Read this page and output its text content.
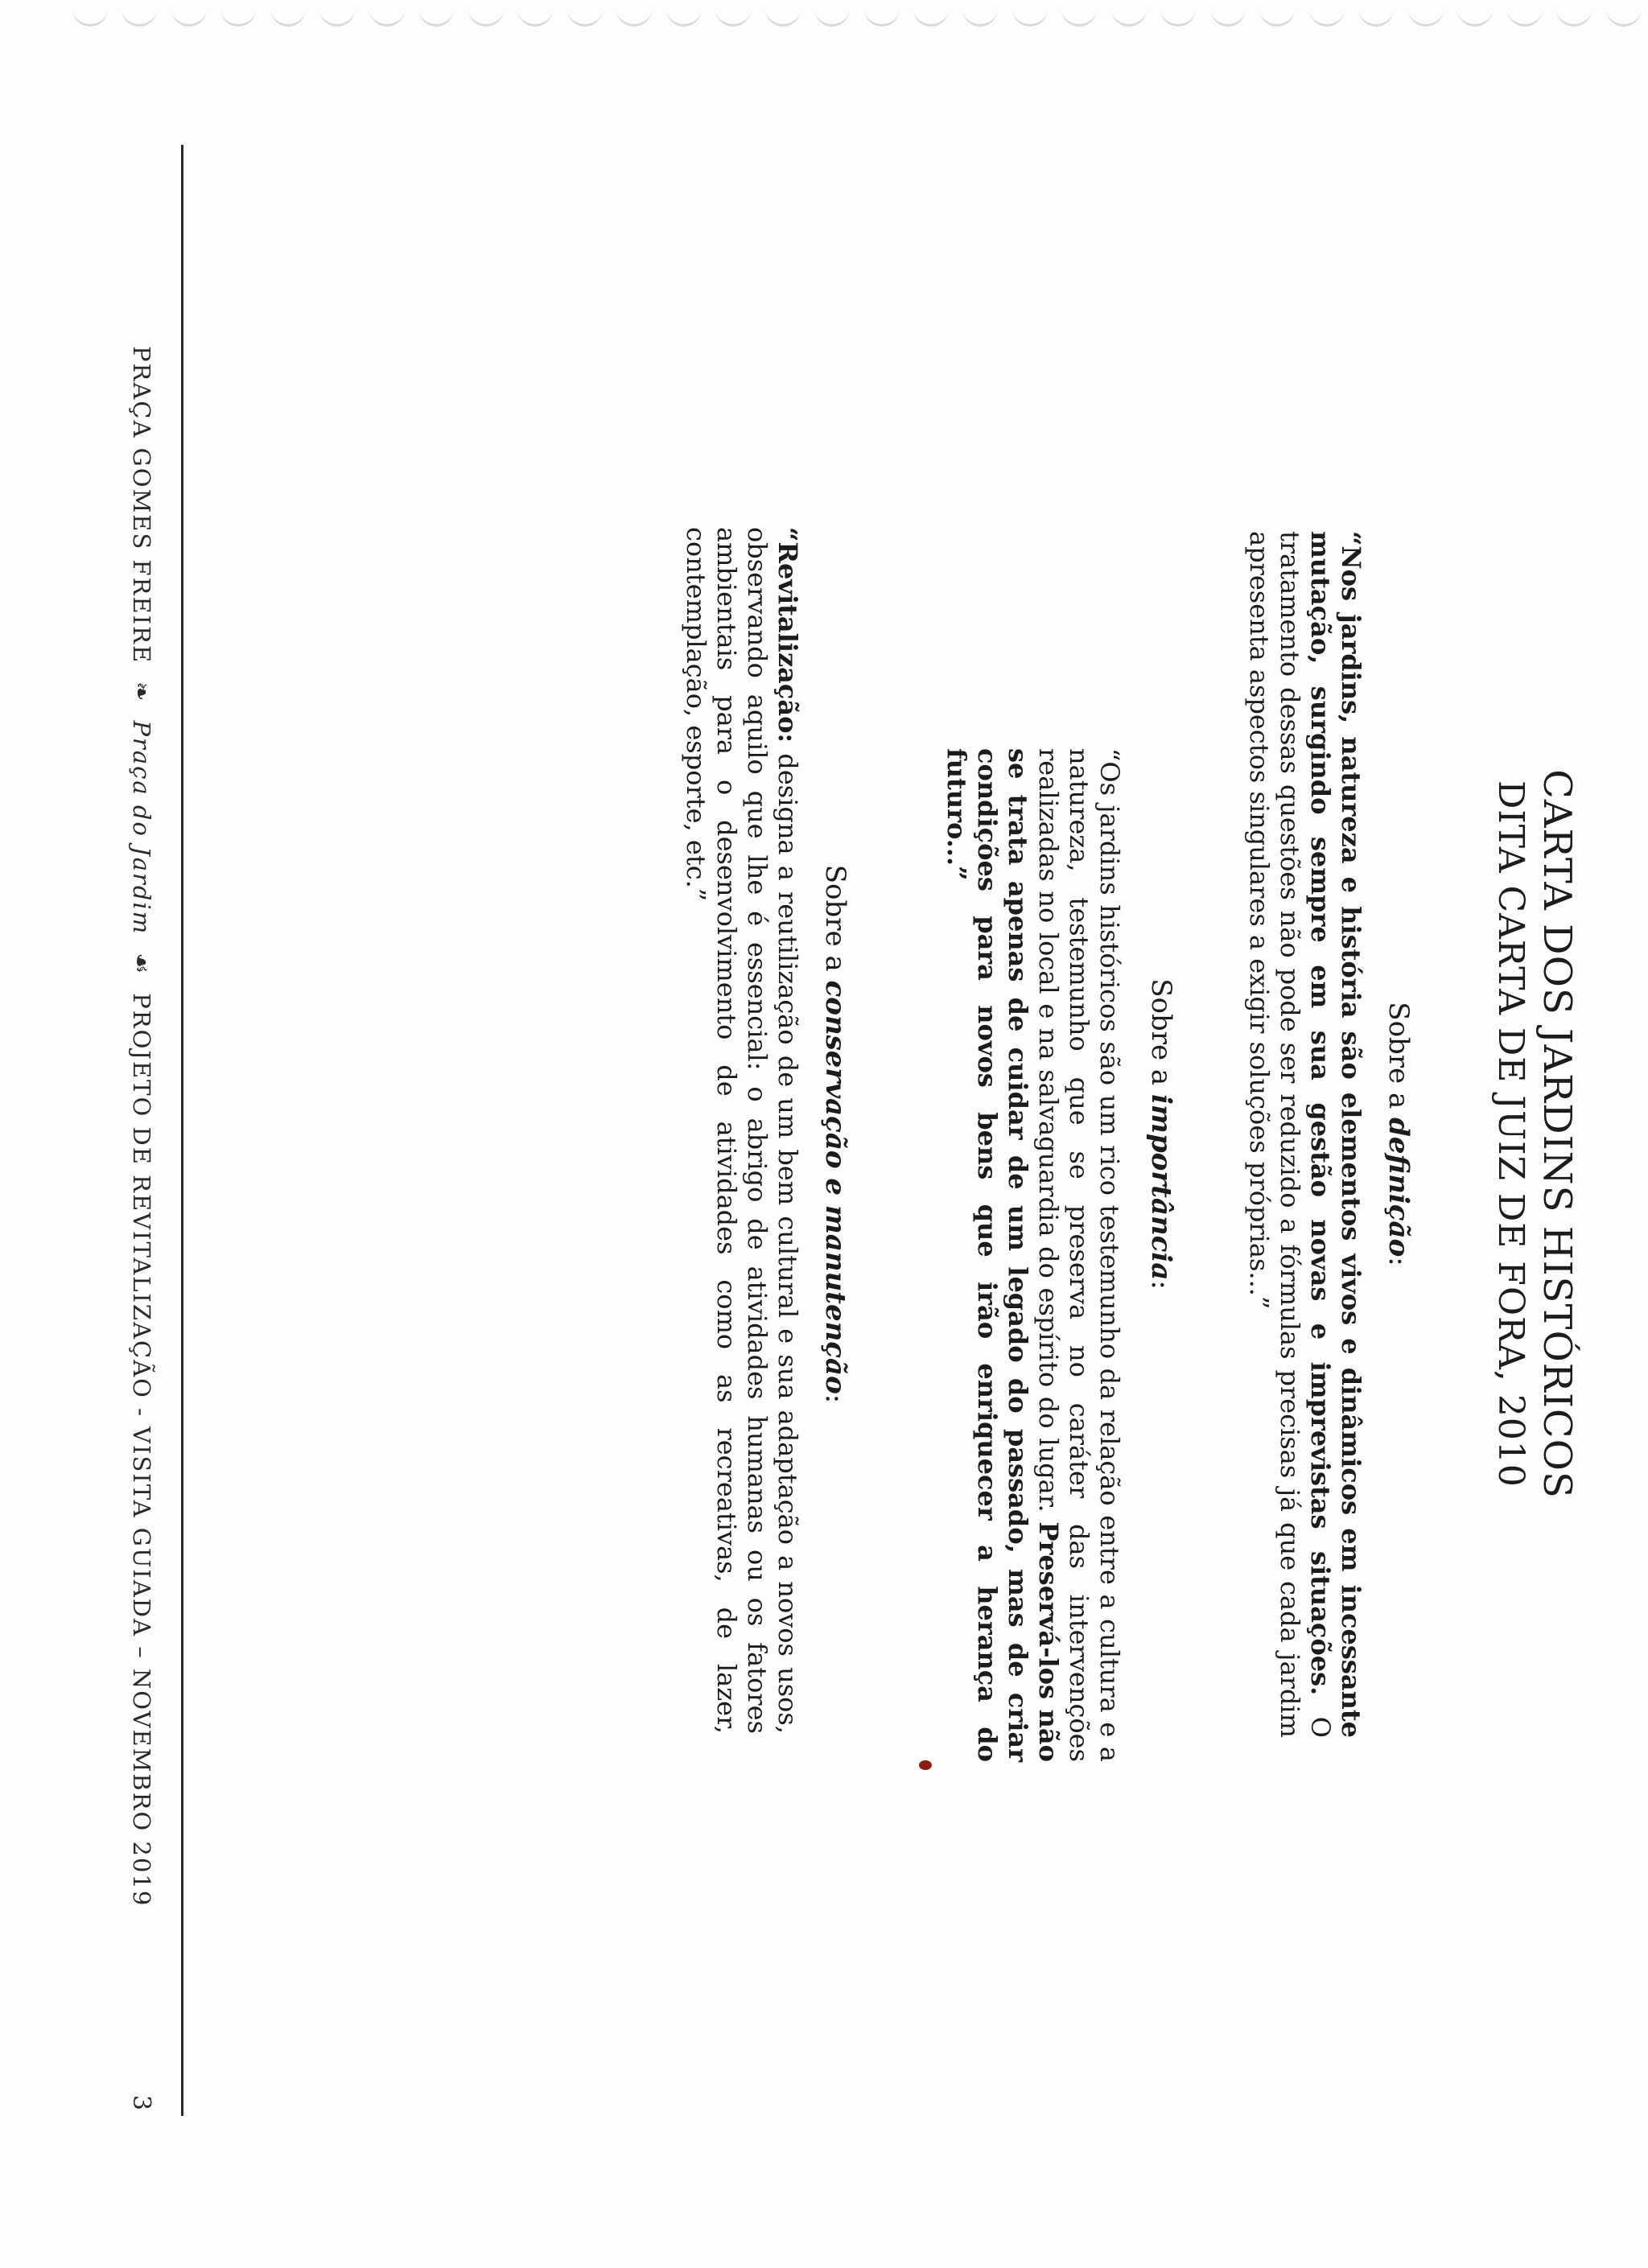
CARTA DOS JARDINS HISTÓRICOS
DITA CARTA DE JUIZ DE FORA, 2010
Sobre a definição:

“Nos jardins, natureza e história são elementos vivos e dinâmicos em incessante mutação, surgindo sempre em sua gestão novas e imprevistas situações. O tratamento dessas questões não pode ser reduzido a fórmulas precisas já que cada jardim apresenta aspectos singulares a exigir soluções próprias...”

Sobre a importância:

“Os jardins históricos são um rico testemunho da relação entre a cultura e a natureza, testemunho que se preserva no caráter das intervenções realizadas no local e na salvaguardia do espírito do lugar. Preservá-los não se trata apenas de cuidar de um legado do passado, mas de criar condições para novos bens que irão enriquecer a herança do futuro...”

Sobre a conservação e manutenção:

“Revitalização: designa a reutilização de um bem cultural e sua adaptação a novos usos, observando aquilo que lhe é essencial: o abrigo de atividades humanas ou os fatores ambientais para o desenvolvimento de atividades como as recreativas, de lazer, contemplação, esporte, etc.”

PRAÇA GOMES FREIRE❧Praça do Jardim☙PROJETO DE REVITALIZAÇÃO - VISITA GUIADA – NOVEMBRO 2019
3
